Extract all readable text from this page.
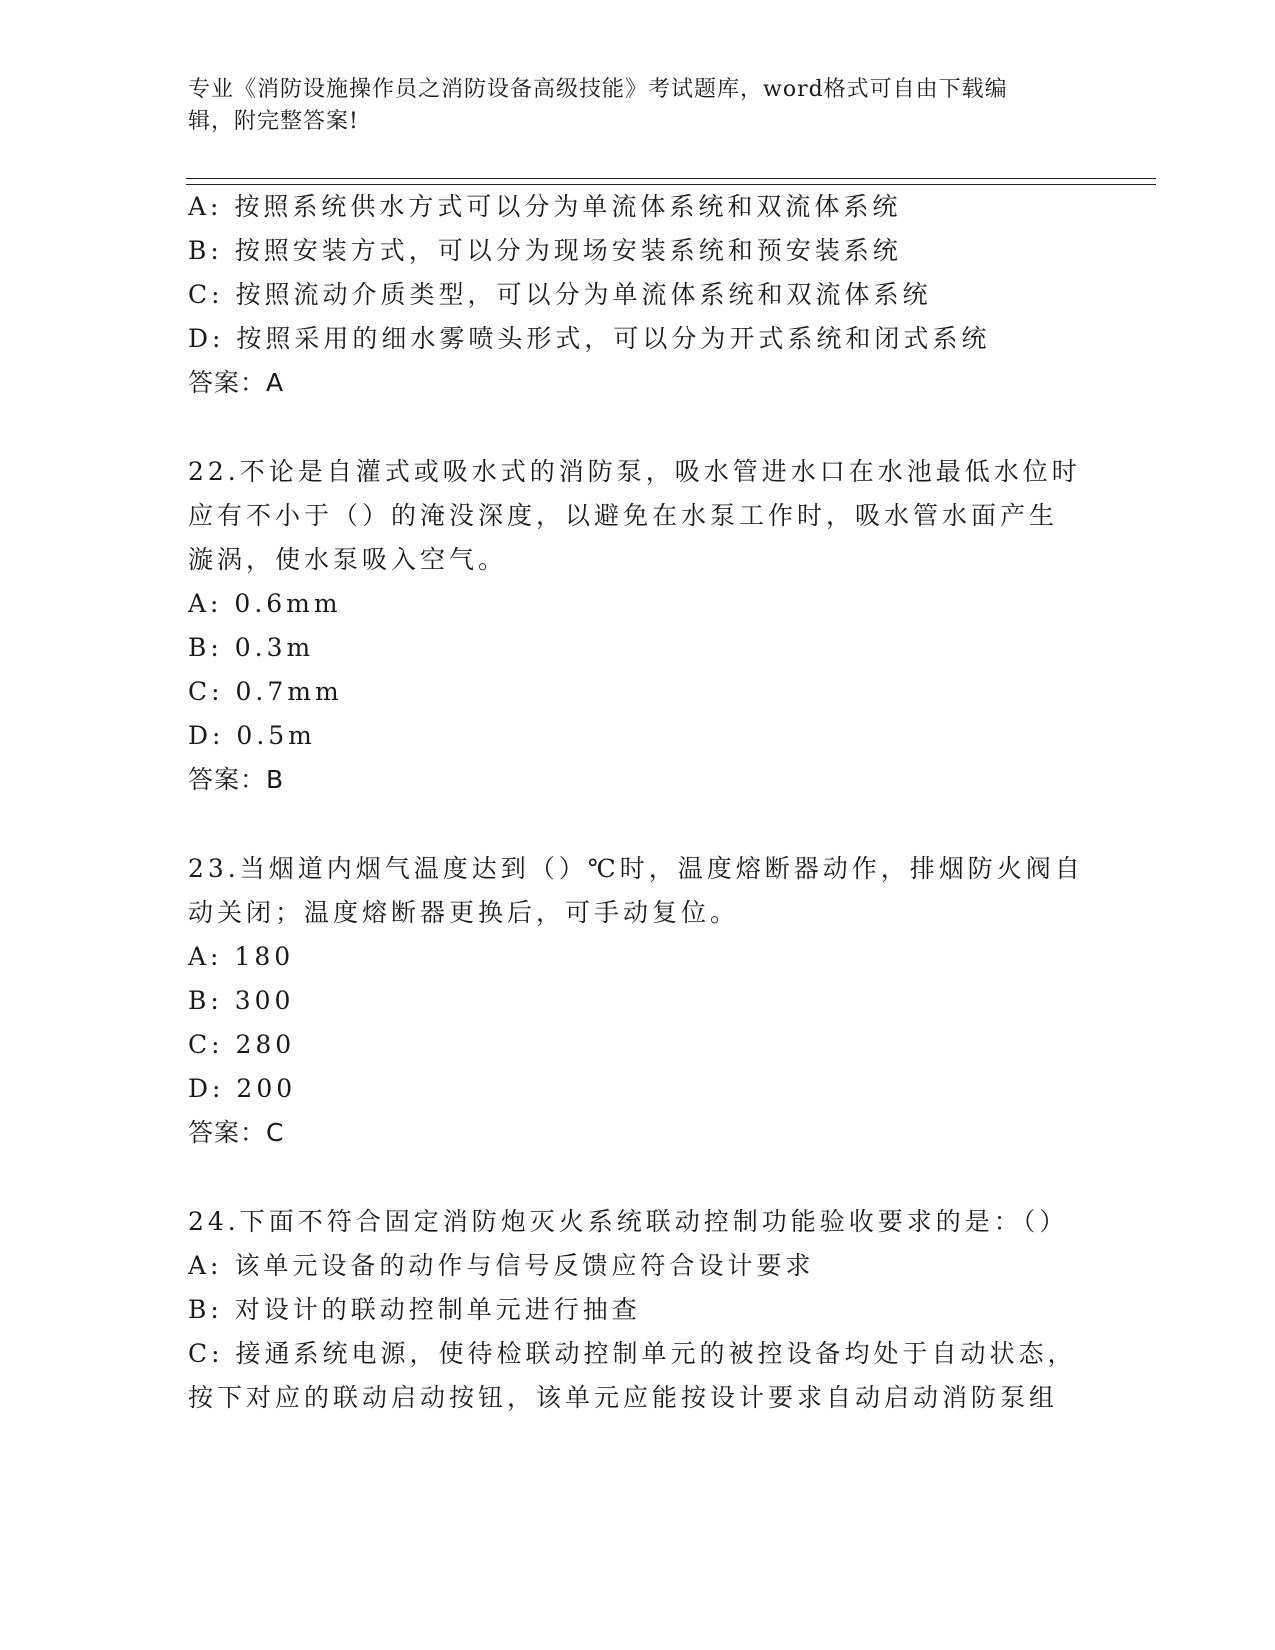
专业《消防设施操作员之消防设备高级技能》考试题库，word格式可自由下载编
辑，附完整答案!
A: 按照系统供水方式可以分为单流体系统和双流体系统
B: 按照安装方式，可以分为现场安装系统和预安装系统
C: 按照流动介质类型，可以分为单流体系统和双流体系统
D: 按照采用的细水雾喷头形式，可以分为开式系统和闭式系统
答案：A
22.不论是自灌式或吸水式的消防泵，吸水管进水口在水池最低水位时
应有不小于（）的淹没深度，以避免在水泵工作时，吸水管水面产生
漩涡，使水泵吸入空气。
A: 0.6mm
B: 0.3m
C: 0.7mm
D: 0.5m
答案：B
23.当烟道内烟气温度达到（）℃时，温度熔断器动作，排烟防火阀自
动关闭；温度熔断器更换后，可手动复位。
A: 180
B: 300
C: 280
D: 200
答案：C
24.下面不符合固定消防炮灭火系统联动控制功能验收要求的是：（）
A: 该单元设备的动作与信号反馈应符合设计要求
B: 对设计的联动控制单元进行抽查
C: 接通系统电源，使待检联动控制单元的被控设备均处于自动状态，
按下对应的联动启动按钮，该单元应能按设计要求自动启动消防泵组
